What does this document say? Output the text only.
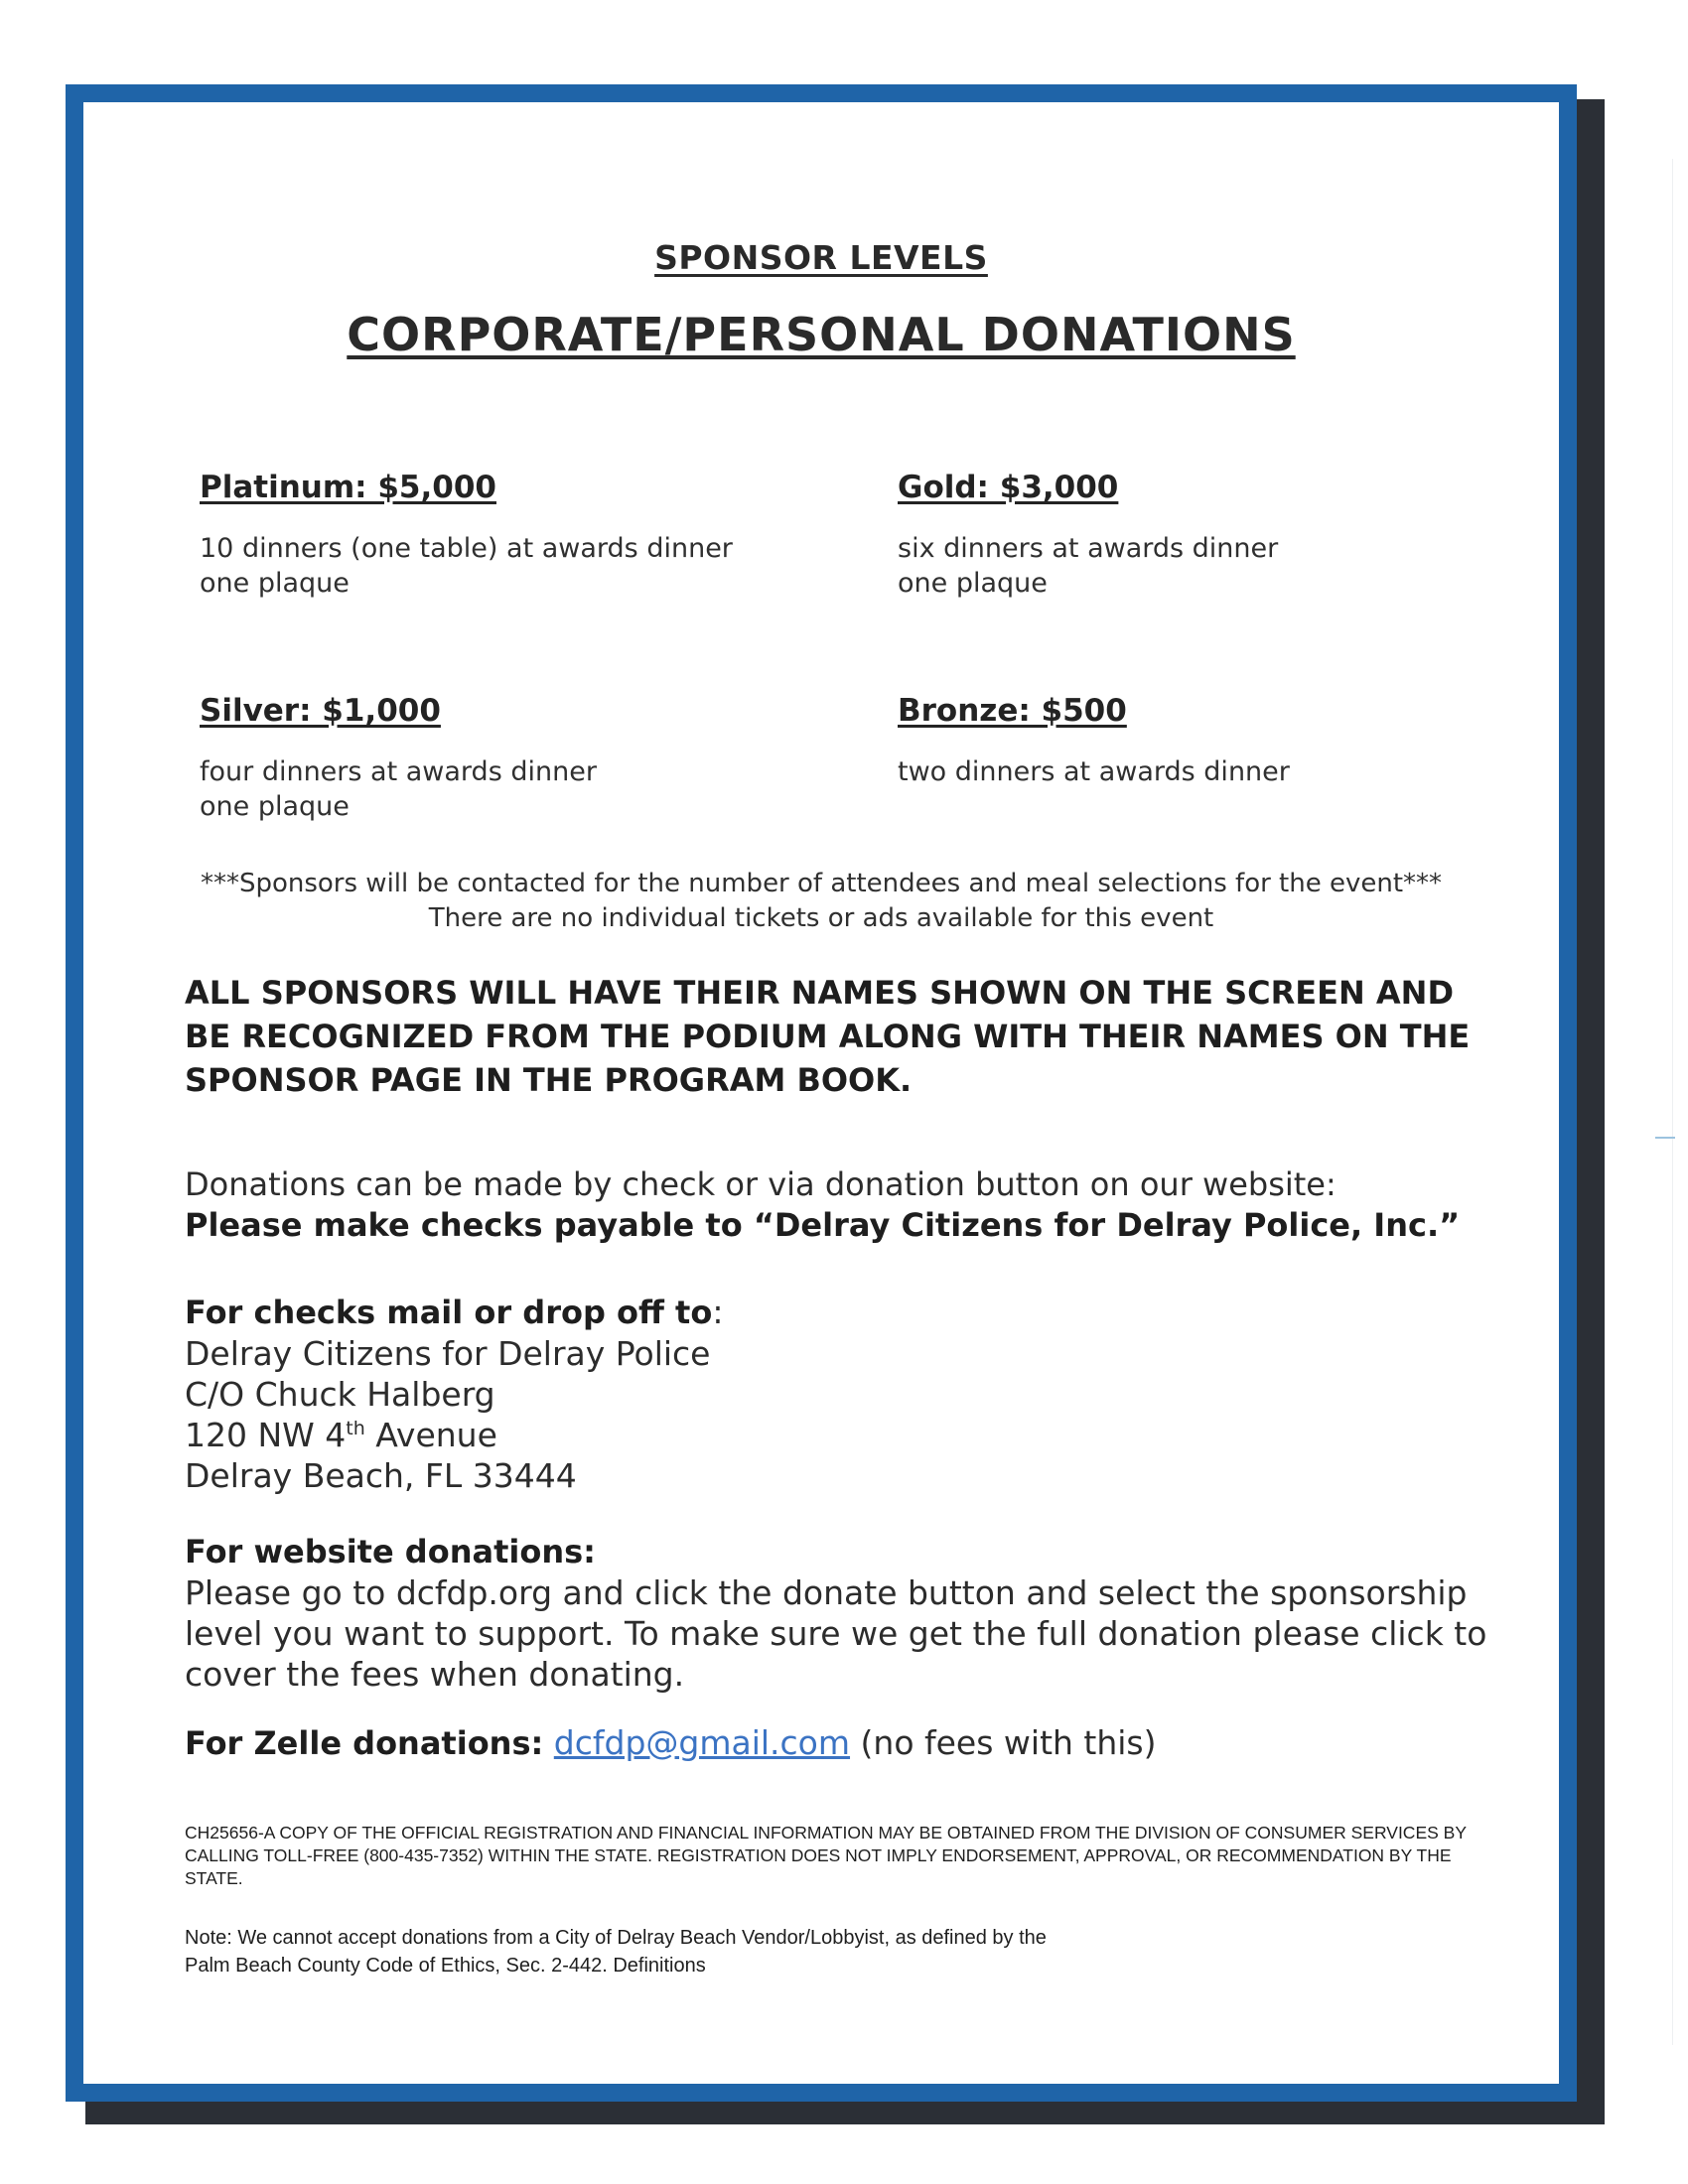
SPONSOR LEVELS
CORPORATE/PERSONAL DONATIONS
Platinum: $5,000
10 dinners (one table) at awards dinner
one plaque
Gold: $3,000
six dinners at awards dinner
one plaque
Silver: $1,000
four dinners at awards dinner
one plaque
Bronze: $500
two dinners at awards dinner
***Sponsors will be contacted for the number of attendees and meal selections for the event***
There are no individual tickets or ads available for this event
ALL SPONSORS WILL HAVE THEIR NAMES SHOWN ON THE SCREEN AND BE RECOGNIZED FROM THE PODIUM ALONG WITH THEIR NAMES ON THE SPONSOR PAGE IN THE PROGRAM BOOK.
Donations can be made by check or via donation button on our website:
Please make checks payable to “Delray Citizens for Delray Police, Inc.”
For checks mail or drop off to:
Delray Citizens for Delray Police
C/O Chuck Halberg
120 NW 4th Avenue
Delray Beach, FL 33444
For website donations:
Please go to dcfdp.org and click the donate button and select the sponsorship level you want to support. To make sure we get the full donation please click to cover the fees when donating.
For Zelle donations: dcfdp@gmail.com (no fees with this)
CH25656-A COPY OF THE OFFICIAL REGISTRATION AND FINANCIAL INFORMATION MAY BE OBTAINED FROM THE DIVISION OF CONSUMER SERVICES BY CALLING TOLL-FREE (800-435-7352) WITHIN THE STATE. REGISTRATION DOES NOT IMPLY ENDORSEMENT, APPROVAL, OR RECOMMENDATION BY THE STATE.
Note: We cannot accept donations from a City of Delray Beach Vendor/Lobbyist, as defined by the
Palm Beach County Code of Ethics, Sec. 2-442. Definitions
